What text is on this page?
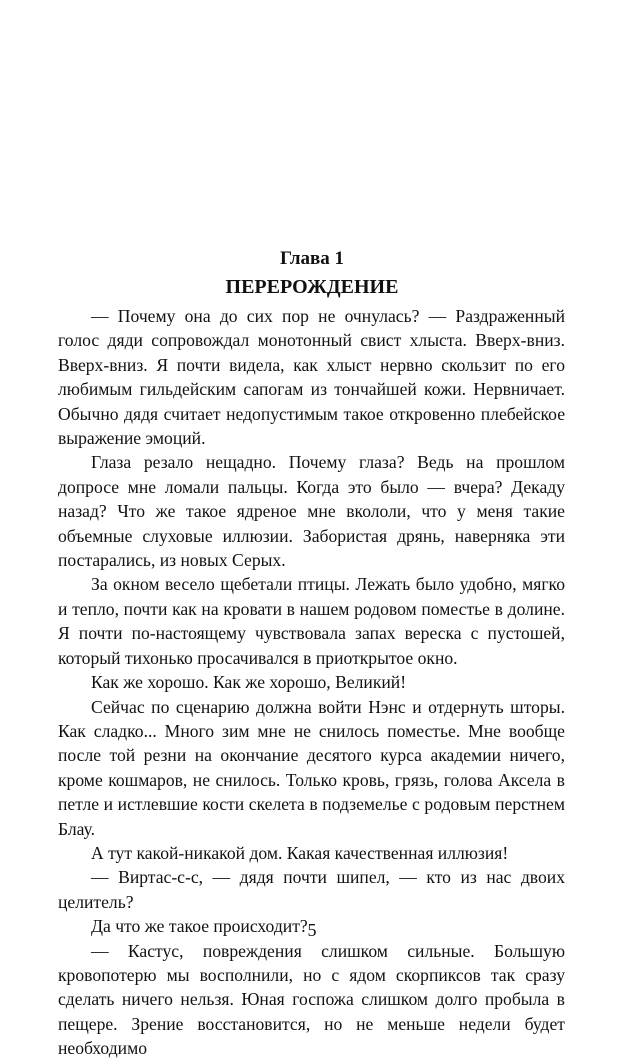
Глава 1
ПЕРЕРОЖДЕНИЕ

— Почему она до сих пор не очнулась? — Раздраженный голос дяди сопровождал монотонный свист хлыста. Вверх-вниз. Вверх-вниз. Я почти видела, как хлыст нервно скользит по его любимым гильдейским сапогам из тончайшей кожи. Нервничает. Обычно дядя считает недопустимым такое откровенно плебейское выражение эмоций.

Глаза резало нещадно. Почему глаза? Ведь на прошлом допросе мне ломали пальцы. Когда это было — вчера? Декаду назад? Что же такое ядреное мне вкололи, что у меня такие объемные слуховые иллюзии. Забористая дрянь, наверняка эти постарались, из новых Серых.

За окном весело щебетали птицы. Лежать было удобно, мягко и тепло, почти как на кровати в нашем родовом поместье в долине. Я почти по-настоящему чувствовала запах вереска с пустошей, который тихонько просачивался в приоткрытое окно.

Как же хорошо. Как же хорошо, Великий!

Сейчас по сценарию должна войти Нэнс и отдернуть шторы. Как сладко... Много зим мне не снилось поместье. Мне вообще после той резни на окончание десятого курса академии ничего, кроме кошмаров, не снилось. Только кровь, грязь, голова Аксела в петле и истлевшие кости скелета в подземелье с родовым перстнем Блау.

А тут какой-никакой дом. Какая качественная иллюзия!

— Виртас-с-с, — дядя почти шипел, — кто из нас двоих целитель?

Да что же такое происходит?

— Кастус, повреждения слишком сильные. Большую кровопотерю мы восполнили, но с ядом скорпиксов так сразу сделать ничего нельзя. Юная госпожа слишком долго пробыла в пещере. Зрение восстановится, но не меньше недели будет необходимо

5
